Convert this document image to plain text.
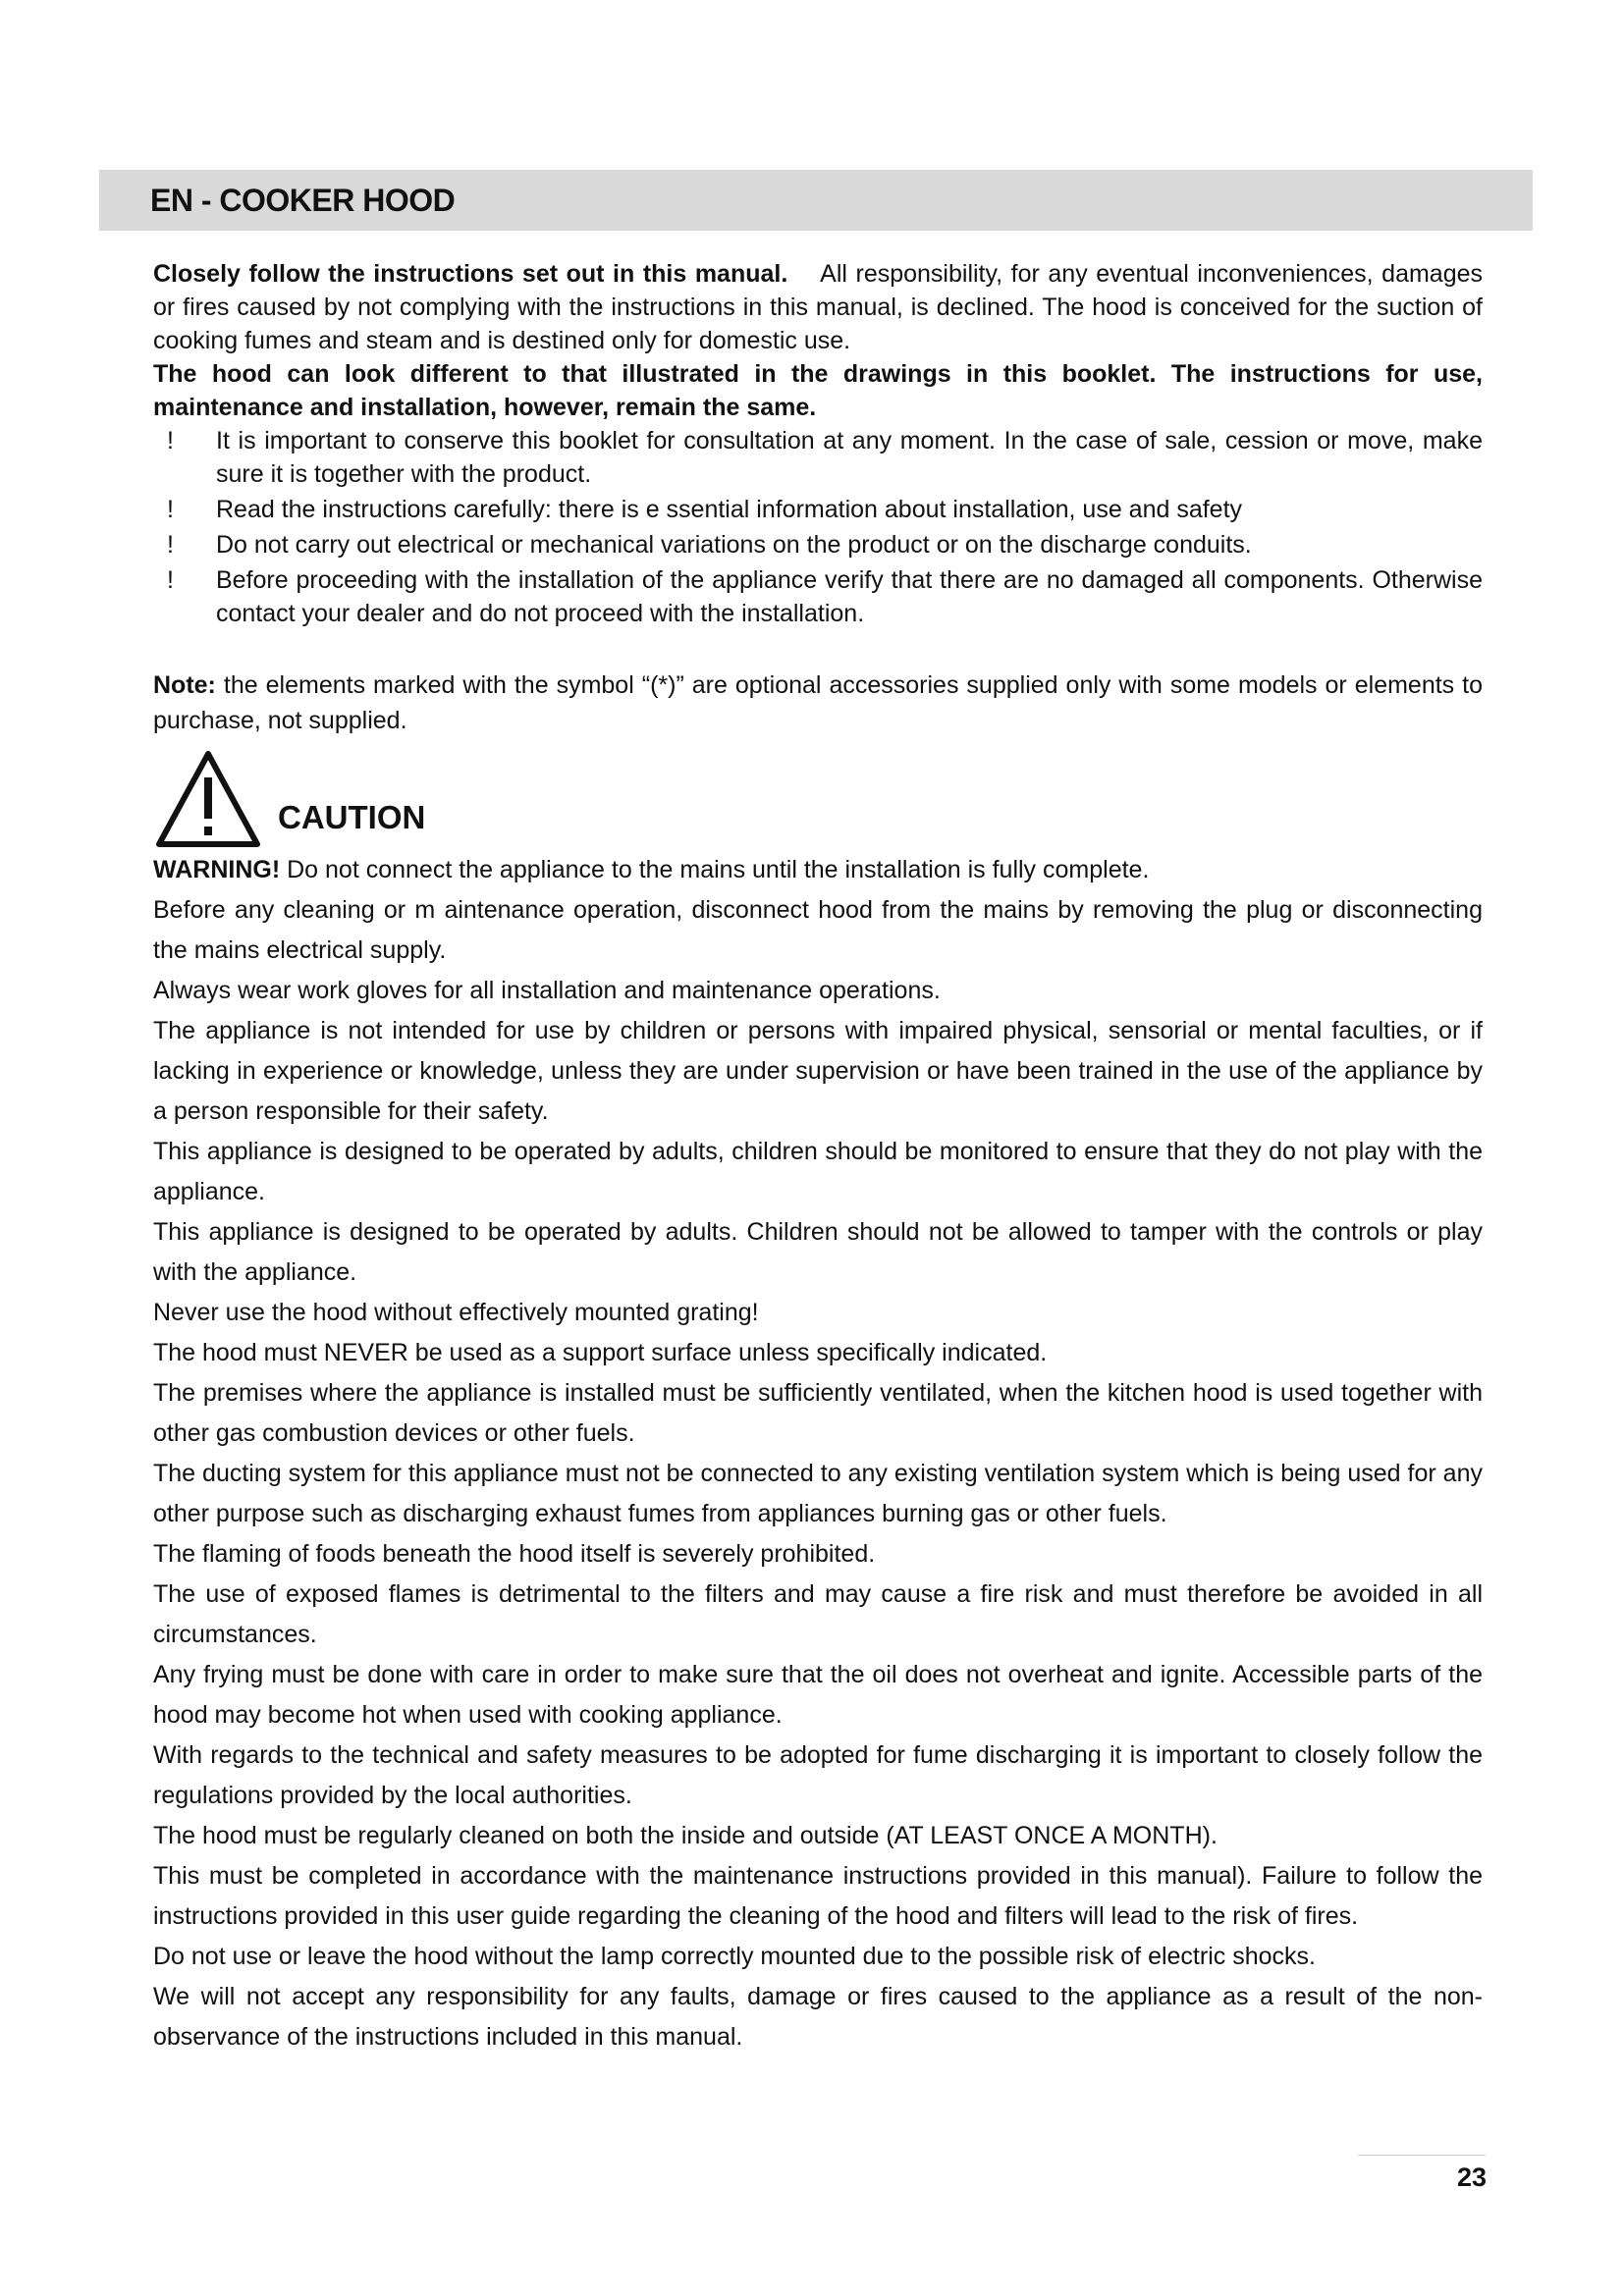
EN - COOKER HOOD

Closely follow the instructions set out in this manual. All responsibility, for any eventual inconveniences, damages or fires caused by not complying with the instructions in this manual, is declined. The hood is conceived for the suction of cooking fumes and steam and is destined only for domestic use.

The hood can look different to that illustrated in the drawings in this booklet. The instructions for use, maintenance and installation, however, remain the same.

! It is important to conserve this booklet for consultation at any moment. In the case of sale, cession or move, make sure it is together with the product.
! Read the instructions carefully: there is e ssential information about installation, use and safety
! Do not carry out electrical or mechanical variations on the product or on the discharge conduits.
! Before proceeding with the installation of the appliance verify that there are no damaged all components. Otherwise contact your dealer and do not proceed with the installation.

Note: the elements marked with the symbol “(*)” are optional accessories supplied only with some models or elements to purchase, not supplied.

CAUTION

WARNING! Do not connect the appliance to the mains until the installation is fully complete.

Before any cleaning or m aintenance operation, disconnect hood from the mains by removing the plug or disconnecting the mains electrical supply.

Always wear work gloves for all installation and maintenance operations.

The appliance is not intended for use by children or persons with impaired physical, sensorial or mental faculties, or if lacking in experience or knowledge, unless they are under supervision or have been trained in the use of the appliance by a person responsible for their safety.

This appliance is designed to be operated by adults, children should be monitored to ensure that they do not play with the appliance.

This appliance is designed to be operated by adults. Children should not be allowed to tamper with the controls or play with the appliance.

Never use the hood without effectively mounted grating!

The hood must NEVER be used as a support surface unless specifically indicated.

The premises where the appliance is installed must be sufficiently ventilated, when the kitchen hood is used together with other gas combustion devices or other fuels.

The ducting system for this appliance must not be connected to any existing ventilation system which is being used for any other purpose such as discharging exhaust fumes from appliances burning gas or other fuels.

The flaming of foods beneath the hood itself is severely prohibited.

The use of exposed flames is detrimental to the filters and may cause a fire risk and must therefore be avoided in all circumstances.

Any frying must be done with care in order to make sure that the oil does not overheat and ignite. Accessible parts of the hood may become hot when used with cooking appliance.

With regards to the technical and safety measures to be adopted for fume discharging it is important to closely follow the regulations provided by the local authorities.

The hood must be regularly cleaned on both the inside and outside (AT LEAST ONCE A MONTH).

This must be completed in accordance with the maintenance instructions provided in this manual). Failure to follow the instructions provided in this user guide regarding the cleaning of the hood and filters will lead to the risk of fires.

Do not use or leave the hood without the lamp correctly mounted due to the possible risk of electric shocks.

We will not accept any responsibility for any faults, damage or fires caused to the appliance as a result of the non-observance of the instructions included in this manual.

23
